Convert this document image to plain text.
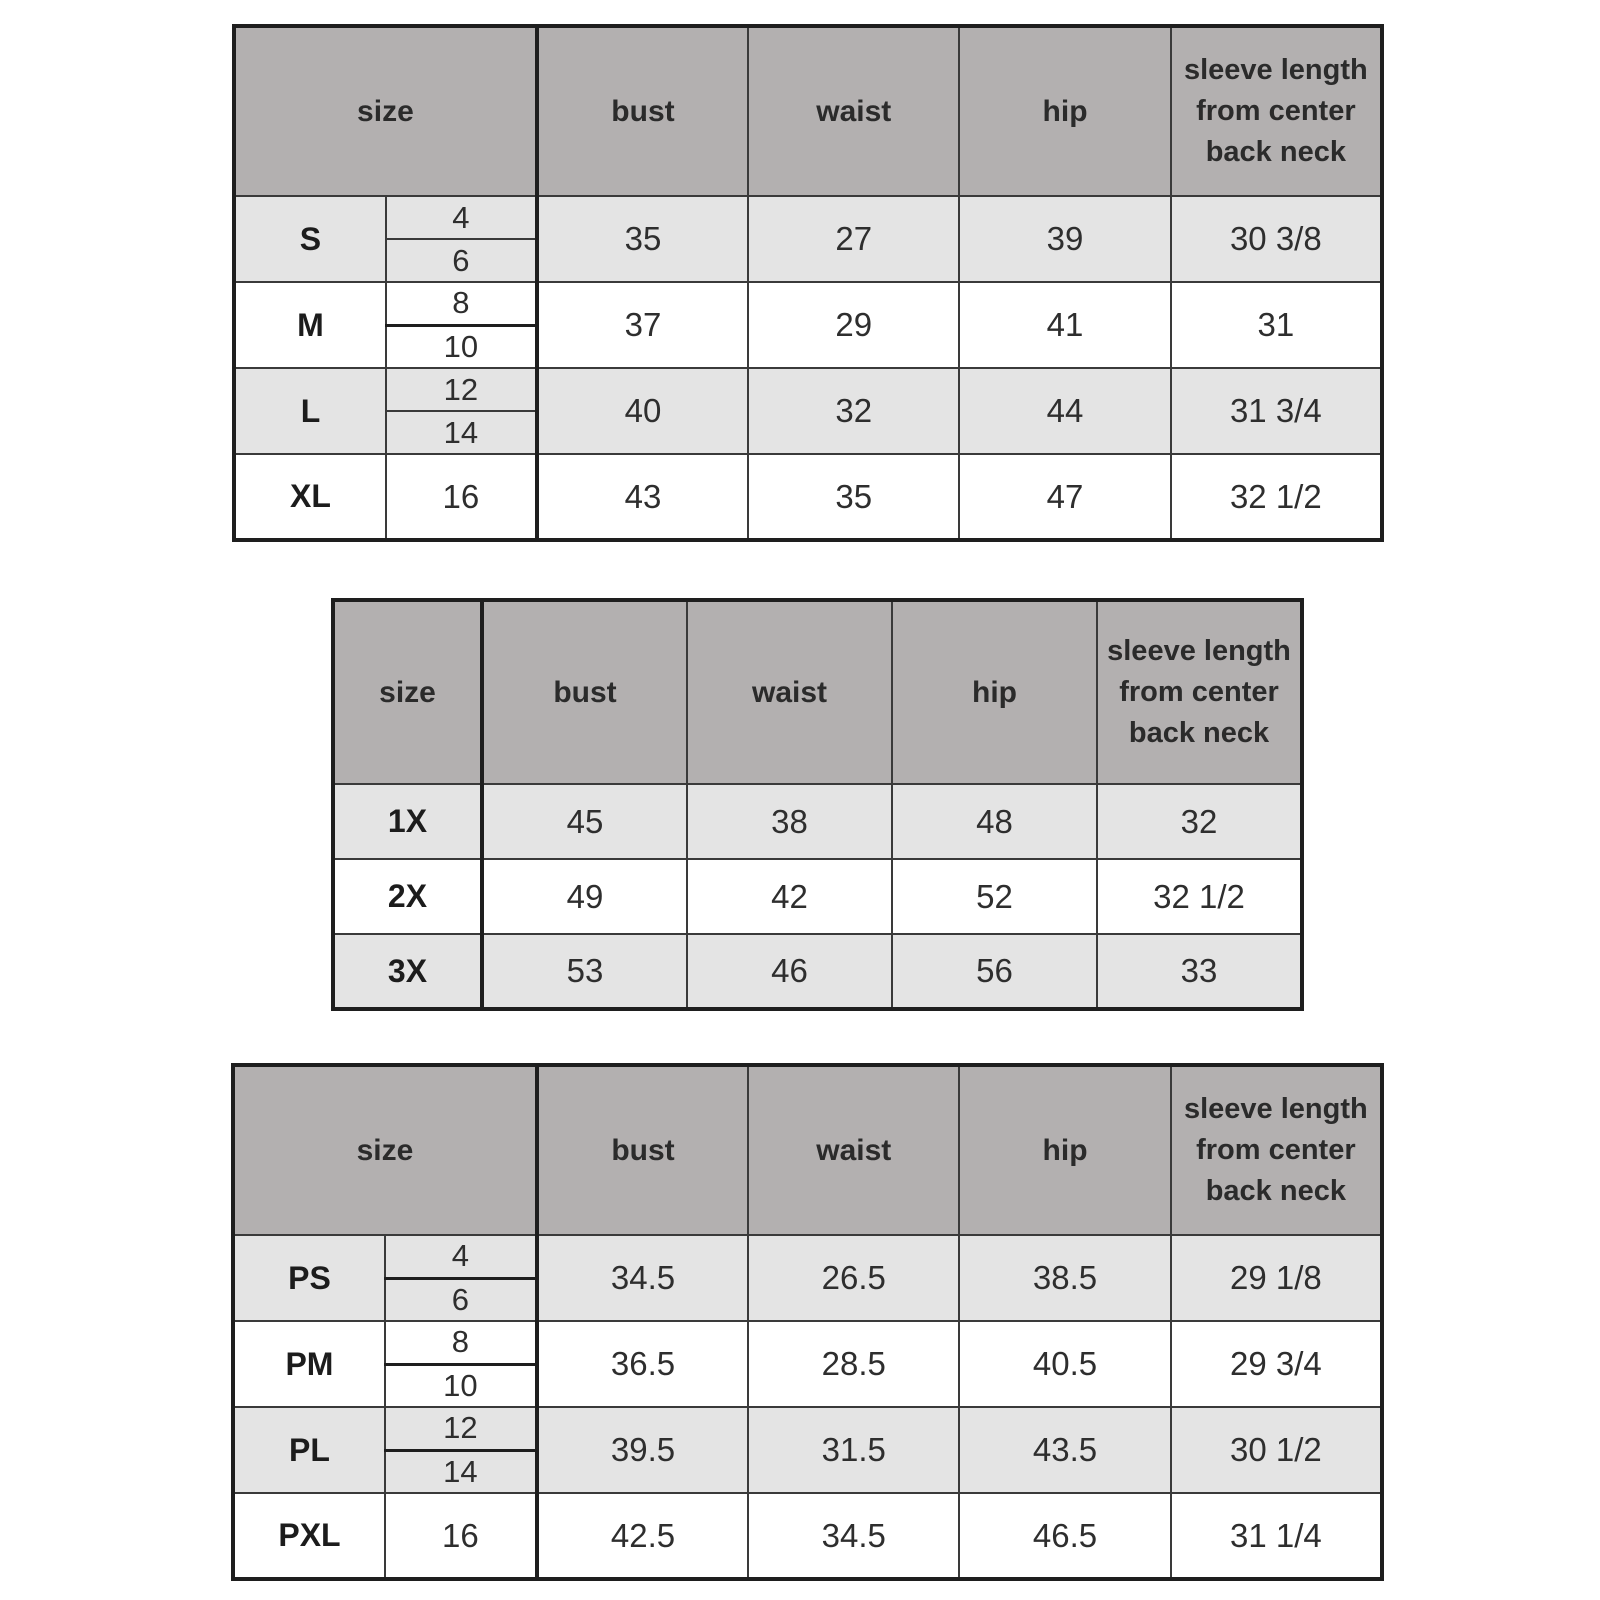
size		bust	waist	hip	sleeve length from center back neck
S	4	35	27	39	30 3/8
	6				
M	8	37	29	41	31
	10				
L	12	40	32	44	31 3/4
	14				
XL	16	43	35	47	32 1/2
size	bust	waist	hip	sleeve length from center back neck
1X	45	38	48	32
2X	49	42	52	32 1/2
3X	53	46	56	33
size		bust	waist	hip	sleeve length from center back neck
PS	4	34.5	26.5	38.5	29 1/8
	6				
PM	8	36.5	28.5	40.5	29 3/4
	10				
PL	12	39.5	31.5	43.5	30 1/2
	14				
PXL	16	42.5	34.5	46.5	31 1/4
